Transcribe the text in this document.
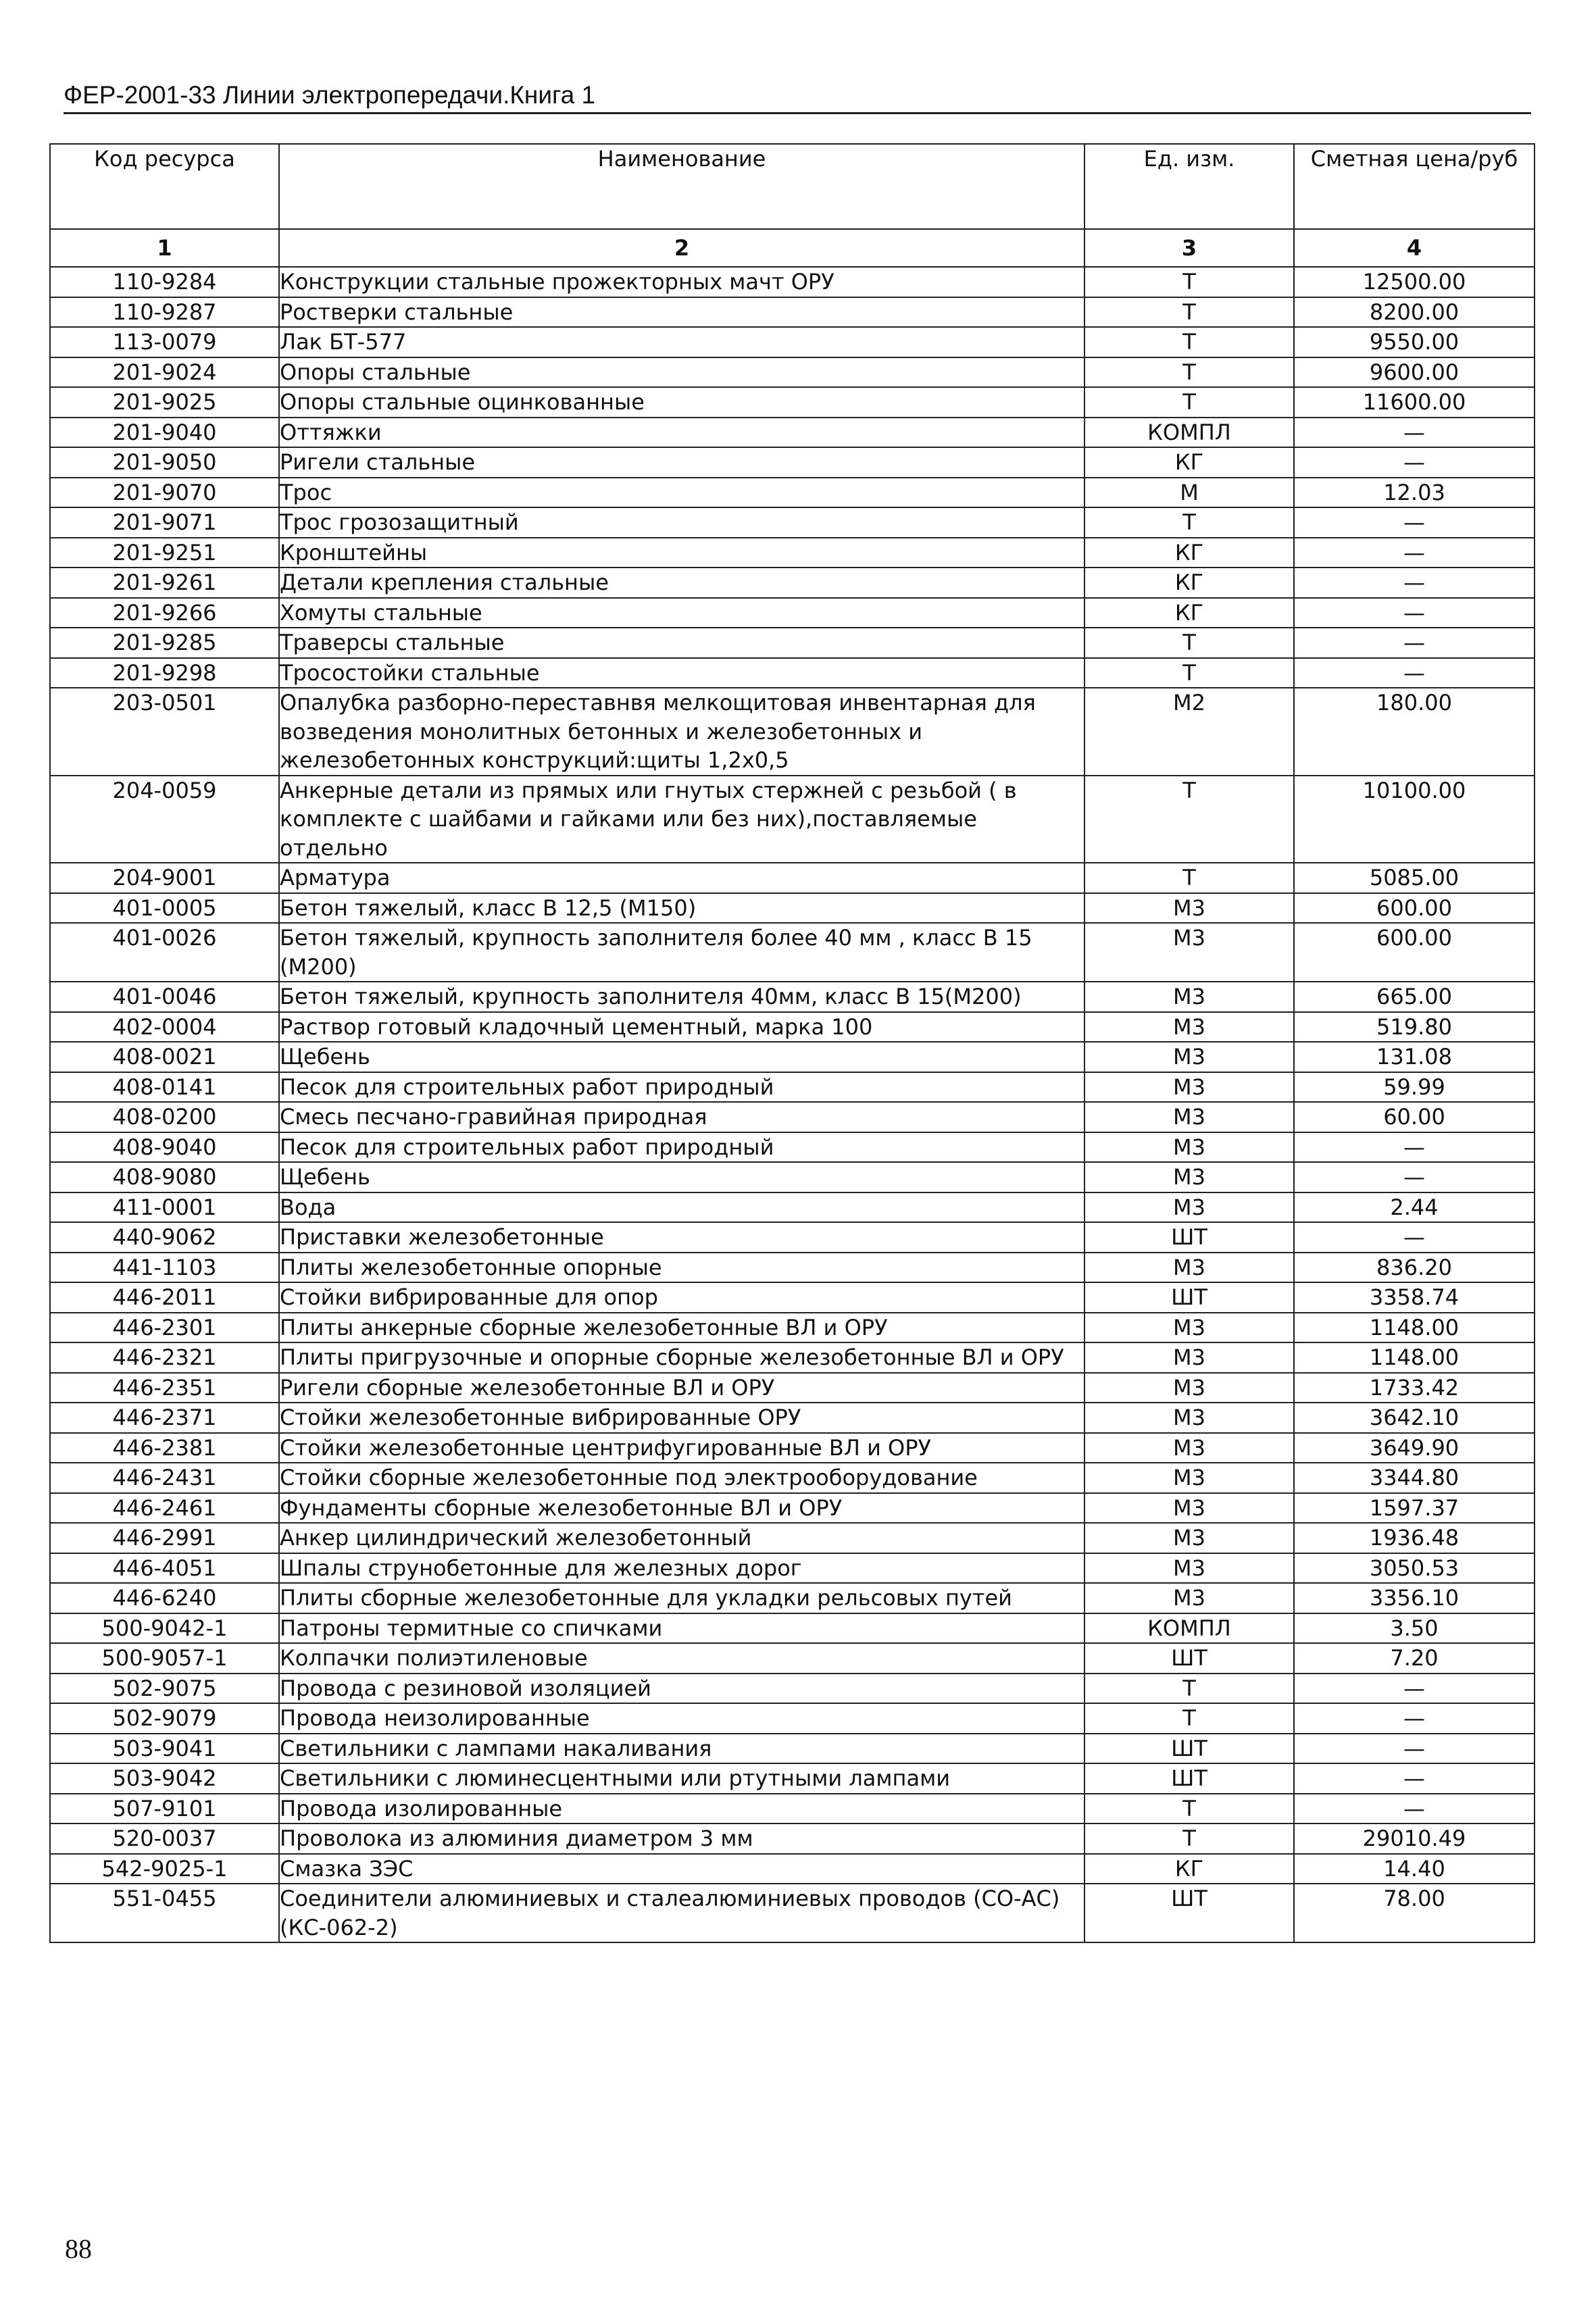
ФЕР-2001-33 Линии электропередачи.Книга 1
Код ресурса	Наименование	Ед. изм.	Сметная цена/руб
1	2	3	4
110-9284	Конструкции стальные прожекторных мачт ОРУ	Т	12500.00
110-9287	Ростверки стальные	Т	8200.00
113-0079	Лак БТ-577	Т	9550.00
201-9024	Опоры стальные	Т	9600.00
201-9025	Опоры стальные оцинкованные	Т	11600.00
201-9040	Оттяжки	КОМПЛ	—
201-9050	Ригели стальные	КГ	—
201-9070	Трос	М	12.03
201-9071	Трос грозозащитный	Т	—
201-9251	Кронштейны	КГ	—
201-9261	Детали крепления стальные	КГ	—
201-9266	Хомуты стальные	КГ	—
201-9285	Траверсы стальные	Т	—
201-9298	Тросостойки стальные	Т	—
203-0501	Опалубка разборно-переставнвя мелкощитовая инвентарная для возведения монолитных бетонных и железобетонных и железобетонных конструкций:щиты 1,2х0,5	М2	180.00
204-0059	Анкерные детали из прямых или гнутых стержней с резьбой ( в комплекте с шайбами и гайками или без них),поставляемые отдельно	Т	10100.00
204-9001	Арматура	Т	5085.00
401-0005	Бетон тяжелый, класс В 12,5 (М150)	М3	600.00
401-0026	Бетон тяжелый, крупность заполнителя более 40 мм , класс В 15 (М200)	М3	600.00
401-0046	Бетон тяжелый, крупность заполнителя 40мм, класс В 15(М200)	М3	665.00
402-0004	Раствор готовый кладочный цементный, марка 100	М3	519.80
408-0021	Щебень	М3	131.08
408-0141	Песок для строительных работ природный	М3	59.99
408-0200	Смесь песчано-гравийная природная	М3	60.00
408-9040	Песок для строительных работ природный	М3	—
408-9080	Щебень	М3	—
411-0001	Вода	М3	2.44
440-9062	Приставки железобетонные	ШТ	—
441-1103	Плиты железобетонные опорные	М3	836.20
446-2011	Стойки вибрированные для опор	ШТ	3358.74
446-2301	Плиты анкерные сборные железобетонные ВЛ и ОРУ	М3	1148.00
446-2321	Плиты пригрузочные и опорные сборные железобетонные ВЛ и ОРУ	М3	1148.00
446-2351	Ригели сборные железобетонные ВЛ и ОРУ	М3	1733.42
446-2371	Стойки железобетонные вибрированные ОРУ	М3	3642.10
446-2381	Стойки железобетонные центрифугированные ВЛ и ОРУ	М3	3649.90
446-2431	Стойки сборные железобетонные под электрооборудование	М3	3344.80
446-2461	Фундаменты сборные железобетонные ВЛ и ОРУ	М3	1597.37
446-2991	Анкер цилиндрический железобетонный	М3	1936.48
446-4051	Шпалы струнобетонные для железных дорог	М3	3050.53
446-6240	Плиты сборные железобетонные для укладки рельсовых путей	М3	3356.10
500-9042-1	Патроны термитные со спичками	КОМПЛ	3.50
500-9057-1	Колпачки полиэтиленовые	ШТ	7.20
502-9075	Провода с резиновой изоляцией	Т	—
502-9079	Провода неизолированные	Т	—
503-9041	Светильники с лампами накаливания	ШТ	—
503-9042	Светильники с люминесцентными или ртутными лампами	ШТ	—
507-9101	Провода изолированные	Т	—
520-0037	Проволока из алюминия диаметром 3 мм	Т	29010.49
542-9025-1	Смазка ЗЭС	КГ	14.40
551-0455	Соединители алюминиевых и сталеалюминиевых проводов (СО-АС) (КС-062-2)	ШТ	78.00
88
